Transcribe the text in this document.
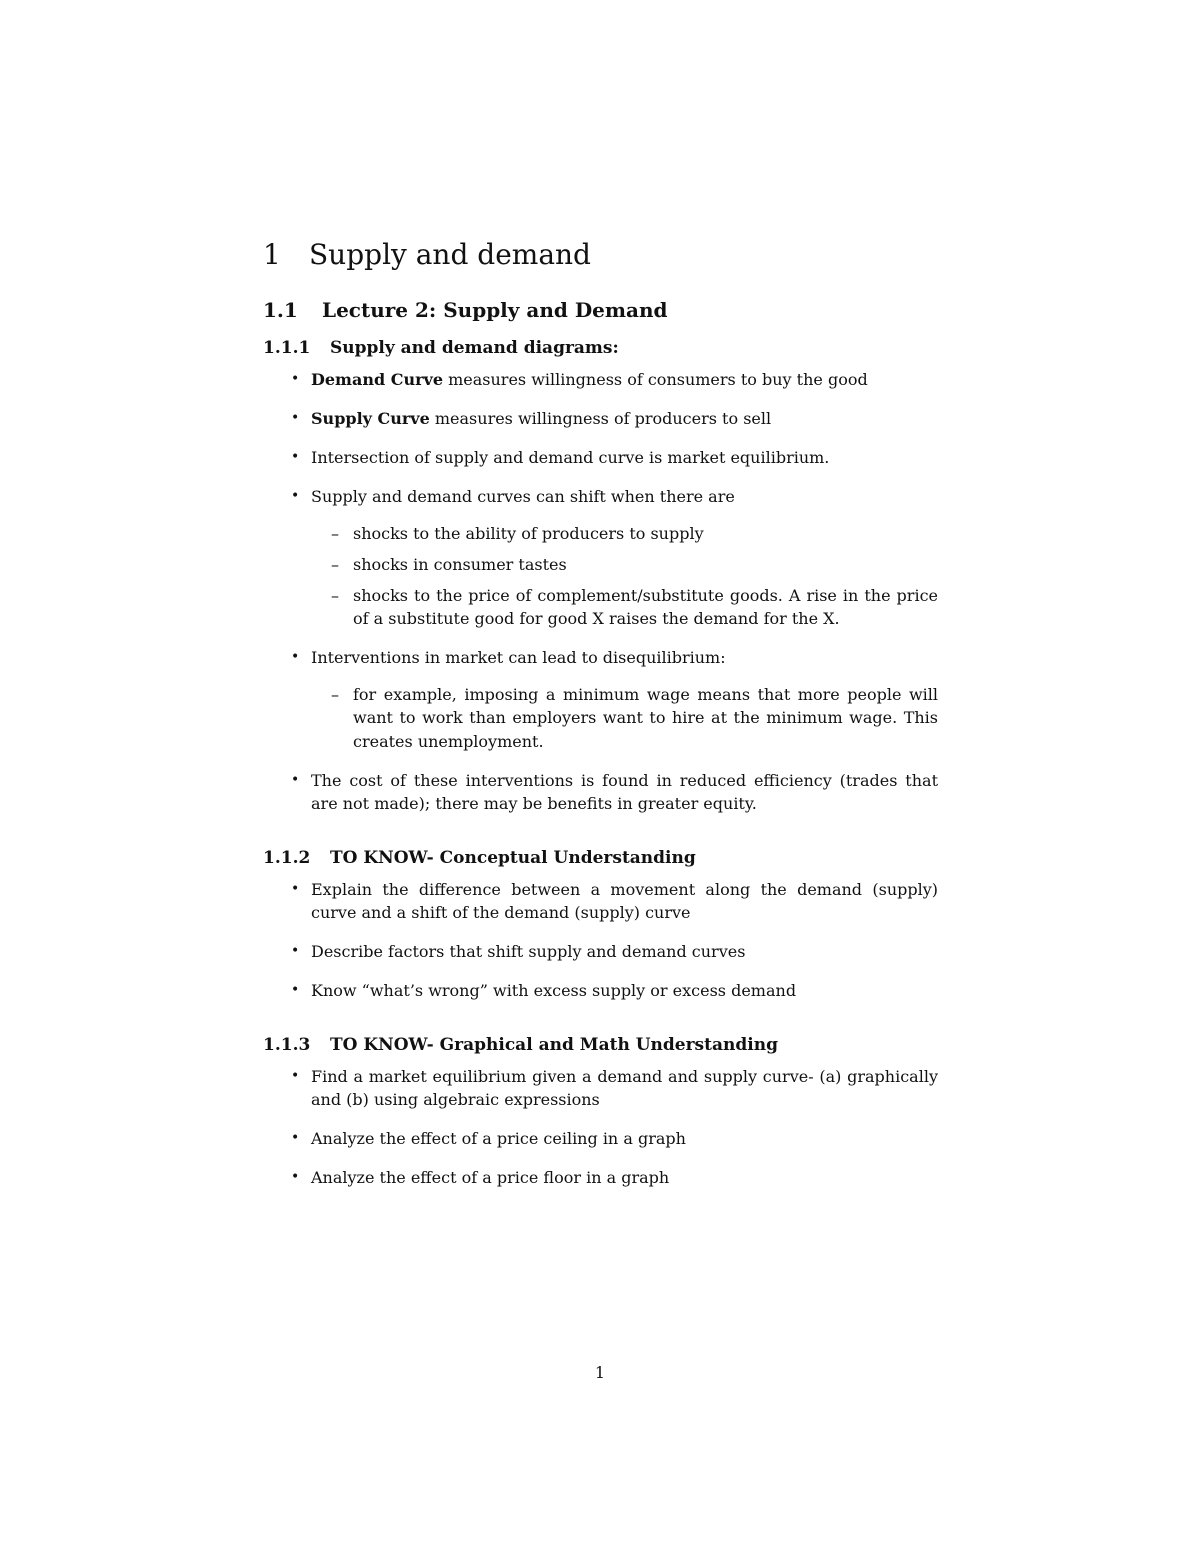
1 Supply and demand
1.1 Lecture 2: Supply and Demand
1.1.1 Supply and demand diagrams:
• Demand Curve measures willingness of consumers to buy the good
• Supply Curve measures willingness of producers to sell
• Intersection of supply and demand curve is market equilibrium.
• Supply and demand curves can shift when there are
– shocks to the ability of producers to supply
– shocks in consumer tastes
– shocks to the price of complement/substitute goods. A rise in the price of a substitute good for good X raises the demand for the X.
• Interventions in market can lead to disequilibrium:
– for example, imposing a minimum wage means that more people will want to work than employers want to hire at the minimum wage. This creates unemployment.
• The cost of these interventions is found in reduced efficiency (trades that are not made); there may be benefits in greater equity.
1.1.2 TO KNOW- Conceptual Understanding
• Explain the difference between a movement along the demand (supply) curve and a shift of the demand (supply) curve
• Describe factors that shift supply and demand curves
• Know “what’s wrong” with excess supply or excess demand
1.1.3 TO KNOW- Graphical and Math Understanding
• Find a market equilibrium given a demand and supply curve- (a) graphically and (b) using algebraic expressions
• Analyze the effect of a price ceiling in a graph
• Analyze the effect of a price floor in a graph
1
